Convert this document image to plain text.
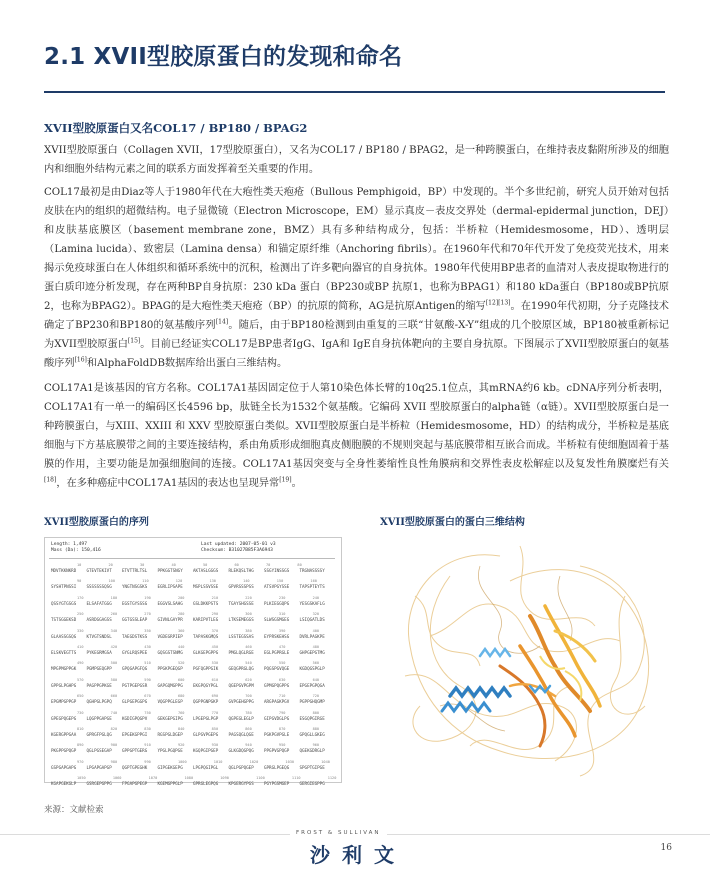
2.1 XVII型胶原蛋白的发现和命名
XVII型胶原蛋白又名COL17 / BP180 / BPAG2

XVII型胶原蛋白（Collagen XVII，17型胶原蛋白），又名为COL17 / BP180 / BPAG2，是一种跨膜蛋白，在维持表皮黏附所涉及的细胞内和细胞外结构元素之间的联系方面发挥着至关重要的作用。

COL17最初是由Diaz等人于1980年代在大疱性类天疱疮（Bullous Pemphigoid，BP）中发现的。半个多世纪前，研究人员开始对包括皮肤在内的组织的超微结构。电子显微镜（Electron Microscope，EM）显示真皮－表皮交界处（dermal-epidermal junction，DEJ）和皮肤基底膜区（basement membrane zone，BMZ）具有多种结构成分，包括：半桥粒（Hemidesmosome，HD）、透明层（Lamina lucida）、致密层（Lamina densa）和锚定原纤维（Anchoring fibrils）。在1960年代和70年代开发了免疫荧光技术，用来揭示免疫球蛋白在人体组织和循环系统中的沉积，检测出了许多靶向器官的自身抗体。1980年代使用BP患者的血清对人表皮提取物进行的蛋白质印迹分析发现，存在两种BP自身抗原：230 kDa 蛋白（BP230或BP 抗原1，也称为BPAG1）和180 kDa蛋白（BP180或BP抗原2，也称为BPAG2）。BPAG的是大疱性类天疱疮（BP）的抗原的简称，AG是抗原Antigen的缩写[12][13]。在1990年代初期，分子克隆技术确定了BP230和BP180的氨基酸序列[14]。随后，由于BP180检测到由重复的三联“甘氨酸-X-Y”组成的几个胶原区域，BP180被重新标记为XVII型胶原蛋白[15]。目前已经证实COL17是BP患者IgG、IgA和 IgE自身抗体靶向的主要自身抗原。下图展示了XVII型胶原蛋白的氨基酸序列[16]和AlphaFoldDB数据库给出蛋白三维结构。

COL17A1是该基因的官方名称。COL17A1基因固定位于人第10染色体长臂的10q25.1位点，其mRNA约6 kb。cDNA序列分析表明，COL17A1有一单一的编码区长4596 bp，肽链全长为1532个氨基酸。它编码 XVII 型胶原蛋白的alpha链（α链）。XVII型胶原蛋白是一种跨膜蛋白，与XIII、XXIII 和 XXV 型胶原蛋白类似。XVII型胶原蛋白是半桥粒（Hemidesmosome，HD）的结构成分，半桥粒是基底细胞与下方基底膜带之间的主要连接结构，系由角质形成细胞真皮侧胞膜的不规则突起与基底膜带相互嵌合而成。半桥粒有使细胞固着于基膜的作用，主要功能是加强细胞间的连接。COL17A1基因突变与全身性萎缩性良性角膜病和交界性表皮松解症以及复发性角膜糜烂有关[18]，在多种癌症中COL17A1基因的表达也呈现异常[19]。

XVII型胶原蛋白的序列	XVII型胶原蛋白的蛋白三维结构

Length: 1,497
Mass (Da): 150,416
Last updated: 2007-05-01 v3
Checksum: B31027B85F3A6943
10 20 30 40 50 60 70 80
MDVTKKNKRD GTEVTEKIVT ETVTTRLTSL PPKGGTSNGY AKTASLGGGS RLEKQSLTHG SSGYINSSGS TRGNASSSSY
90 100 110 120 130 140 150 160
SYSHTPNSSI SSSSSSSQSG YNGTNSGSKS EGRLIPSAPE MSPLSSVSSE GPVRSSSPSS ATSVPGYSSE TAPSPTEYTS
170 180 190 200 210 220 230 240
QSSYGTGSGS ELSAFATGGG EGSTGYSSSG EGGVSLSAHG GSLDKKPSTS TGAYSHGSSE PLKIEGGQPG YESGSKAFLG
250 260 270 280 290 300 310 320
TSTSGGEKSD ASRDGGAGSS GGTGSSLEAP GIVNLGAYPR KARIPVTLEG LTKSEMEGGS SLWSGSMGEG LSIQGATLDS
330 340 350 360 370 380 390 400
GLAASSGSQG KTVGTSNDSL TAEGDSTKSS VGDEGRPIEP TAPASKGMQS LSSTEGSSAS EYPRSKEHSG DVRLPAGKPE
410 420 430 440 450 460 470 480
ELSKVEGTTS PYKEGRMGSA GYGLRQSPEE GQSGSTSNMG GLKGEPGPPG PMGLQGLRGE EGLPGPRGLE GHPGEPGTMG
490 500 510 520 530 540 550 560
MPGPMGPPGK PGMPGEQGPP GPQGAPGFQG PPGKPGEQGP PGFQGPPGIK GEQGPRGLQG PQGSPGVQGE KGDQGSPGLP
570 580 590 600 610 620 630 640
GPPGLPGHPG PAGPPGPKGE PGTPGEPGSR GAPGQMGPPG EKGPQGYPGL QGEPGVPGPM GPMGPQGPPG EPGEPGPQGA
650 660 670 680 690 700 710 720
EPGMPGPPGP QGHPGLPGPQ GLPGEPGGPG VQGPPGLEGP QGPPGNPGKP GVPGEHGPPG ARGPAGKPGV PGPPGHQGMP
730 740 750 760 770 780 790 800
GPEGPQGEPG LQGPPGAPGE KGDIGPQGPV GEKGEPGIPG LPGEPGLPGP QGPEGLEGLP GIPGVDGLPG ESGQPGIRGE
810 820 830 840 850 860 870 880
KGERGPPGAA GPRGFPGLQG EPGEKGPPGI RGSPGLDGEP GLPGVPGEPG PAGSQGLQGE PGKPGVPGLE GPQGLLGKEG
890 900 910 920 930 940 950 960
PKGPPGPQGP QGLPGSEGAP GPPGPTGERG YPGLPGQPGE KGQPGIPGEP GLKGDQGPQG PPGPVGPQGP QGEKGDRGLP
970 980 990 1000 1010 1020 1030 1040
GSPGAPGAPG LPGAPGAPGP QGPTGPEGHK GIPGEKGEPG LPGPQGIPGL QGLPGPQGEP GPRGLPGEQG SPGPTGIPGE
1050 1060 1070 1080 1090 1100 1110 1120
KGAPGEKGLP GSRGEPGPPG FPGAPGPEGP KGEMGPPGLP GPRGLEGPQG KPGERGYPGS PGYPGSMGEP GERGIEGPPG

来源：文献检索

FROST & SULLIVAN

沙利文	16
